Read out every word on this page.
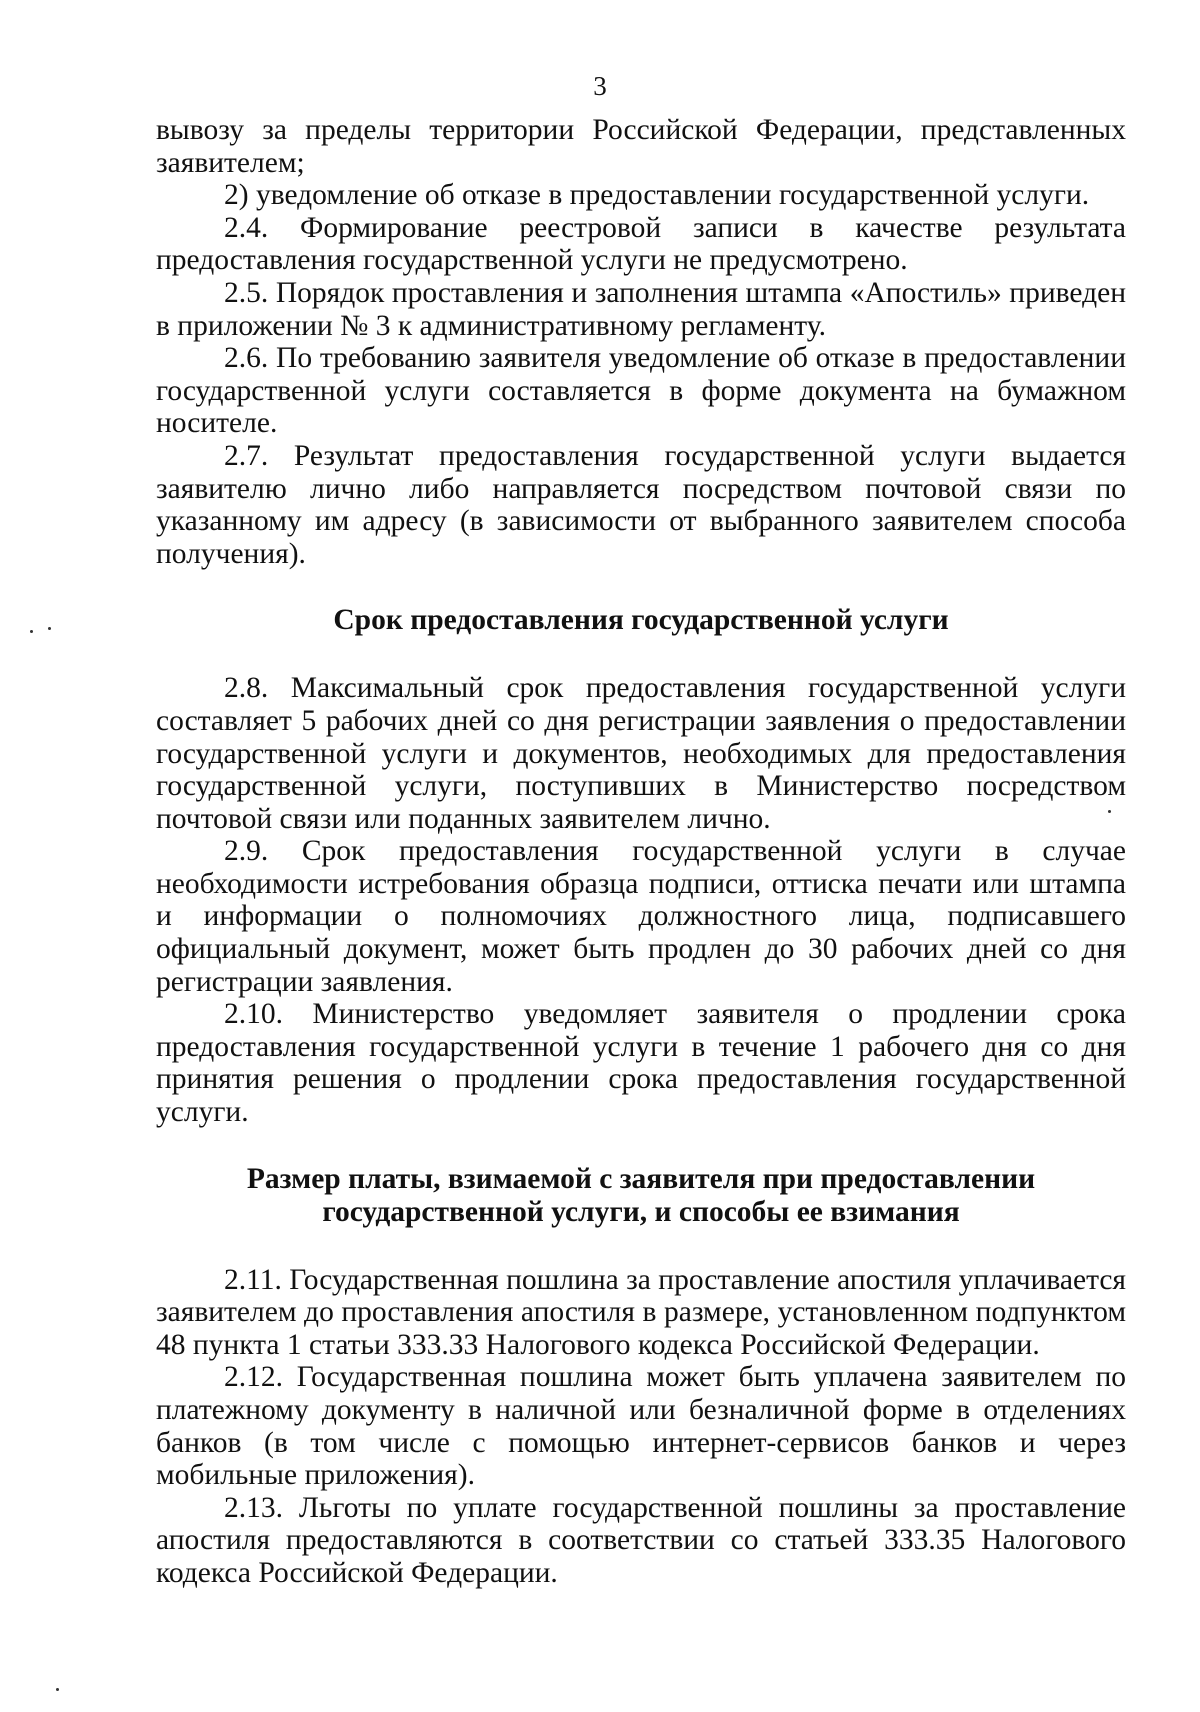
3

вывозу за пределы территории Российской Федерации, представленных заявителем;

2) уведомление об отказе в предоставлении государственной услуги.

2.4. Формирование реестровой записи в качестве результата предоставления государственной услуги не предусмотрено.

2.5. Порядок проставления и заполнения штампа «Апостиль» приведен в приложении № 3 к административному регламенту.

2.6. По требованию заявителя уведомление об отказе в предоставлении государственной услуги составляется в форме документа на бумажном носителе.

2.7. Результат предоставления государственной услуги выдается заявителю лично либо направляется посредством почтовой связи по указанному им адресу (в зависимости от выбранного заявителем способа получения).

Срок предоставления государственной услуги

2.8. Максимальный срок предоставления государственной услуги составляет 5 рабочих дней со дня регистрации заявления о предоставлении государственной услуги и документов, необходимых для предоставления государственной услуги, поступивших в Министерство посредством почтовой связи или поданных заявителем лично.

2.9. Срок предоставления государственной услуги в случае необходимости истребования образца подписи, оттиска печати или штампа и информации о полномочиях должностного лица, подписавшего официальный документ, может быть продлен до 30 рабочих дней со дня регистрации заявления.

2.10. Министерство уведомляет заявителя о продлении срока предоставления государственной услуги в течение 1 рабочего дня со дня принятия решения о продлении срока предоставления государственной услуги.

Размер платы, взимаемой с заявителя при предоставлении
государственной услуги, и способы ее взимания

2.11. Государственная пошлина за проставление апостиля уплачивается заявителем до проставления апостиля в размере, установленном подпунктом 48 пункта 1 статьи 333.33 Налогового кодекса Российской Федерации.

2.12. Государственная пошлина может быть уплачена заявителем по платежному документу в наличной или безналичной форме в отделениях банков (в том числе с помощью интернет-сервисов банков и через мобильные приложения).

2.13. Льготы по уплате государственной пошлины за проставление апостиля предоставляются в соответствии со статьей 333.35 Налогового кодекса Российской Федерации.
